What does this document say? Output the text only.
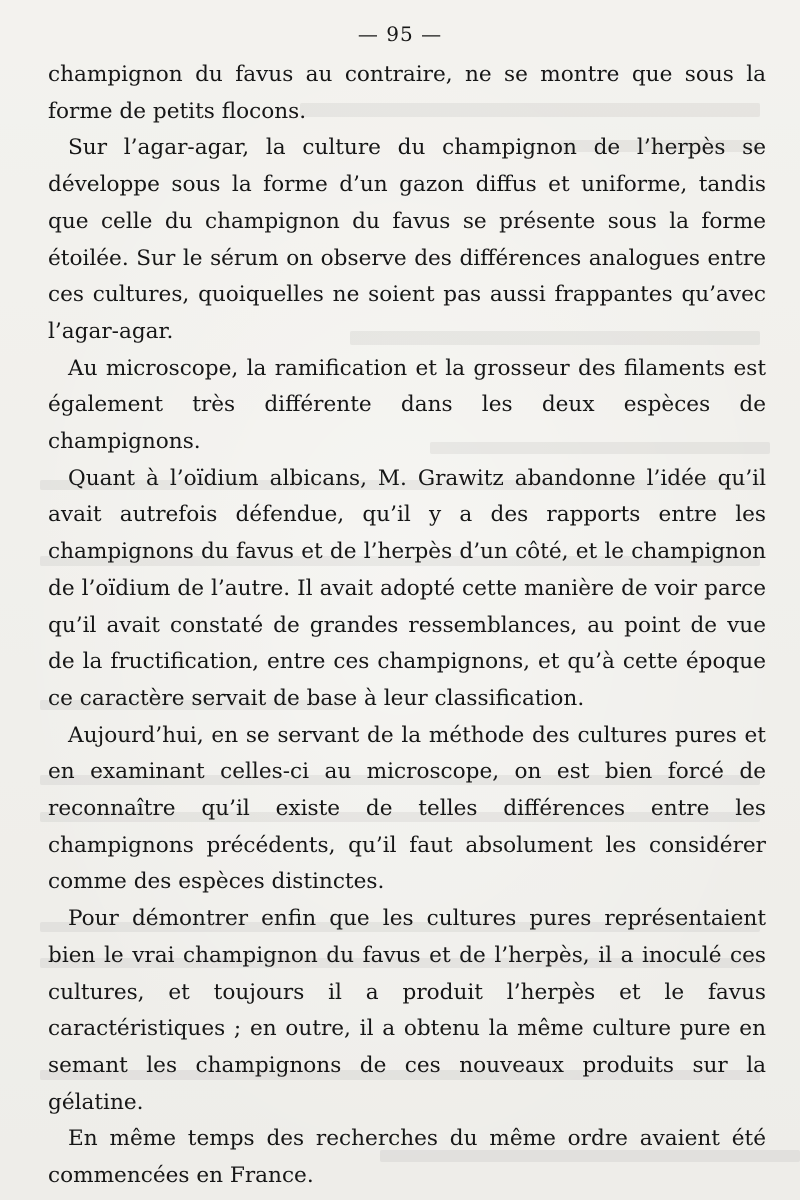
— 95 —

champignon du favus au contraire, ne se montre que sous la forme de petits flocons.

Sur l’agar-agar, la culture du champignon de l’herpès se développe sous la forme d’un gazon diffus et uniforme, tandis que celle du champignon du favus se présente sous la forme étoilée. Sur le sérum on observe des différences analogues entre ces cultures, quoiquelles ne soient pas aussi frappantes qu’avec l’agar-agar.

Au microscope, la ramification et la grosseur des filaments est également très différente dans les deux espèces de champignons.

Quant à l’oïdium albicans, M. Grawitz abandonne l’idée qu’il avait autrefois défendue, qu’il y a des rapports entre les champignons du favus et de l’herpès d’un côté, et le champignon de l’oïdium de l’autre. Il avait adopté cette manière de voir parce qu’il avait constaté de grandes ressemblances, au point de vue de la fructification, entre ces champignons, et qu’à cette époque ce caractère servait de base à leur classification.

Aujourd’hui, en se servant de la méthode des cultures pures et en examinant celles-ci au microscope, on est bien forcé de reconnaître qu’il existe de telles différences entre les champignons précédents, qu’il faut absolument les considérer comme des espèces distinctes.

Pour démontrer enfin que les cultures pures représentaient bien le vrai champignon du favus et de l’herpès, il a inoculé ces cultures, et toujours il a produit l’herpès et le favus caractéristiques ; en outre, il a obtenu la même culture pure en semant les champignons de ces nouveaux produits sur la gélatine.

En même temps des recherches du même ordre avaient été commencées en France.
